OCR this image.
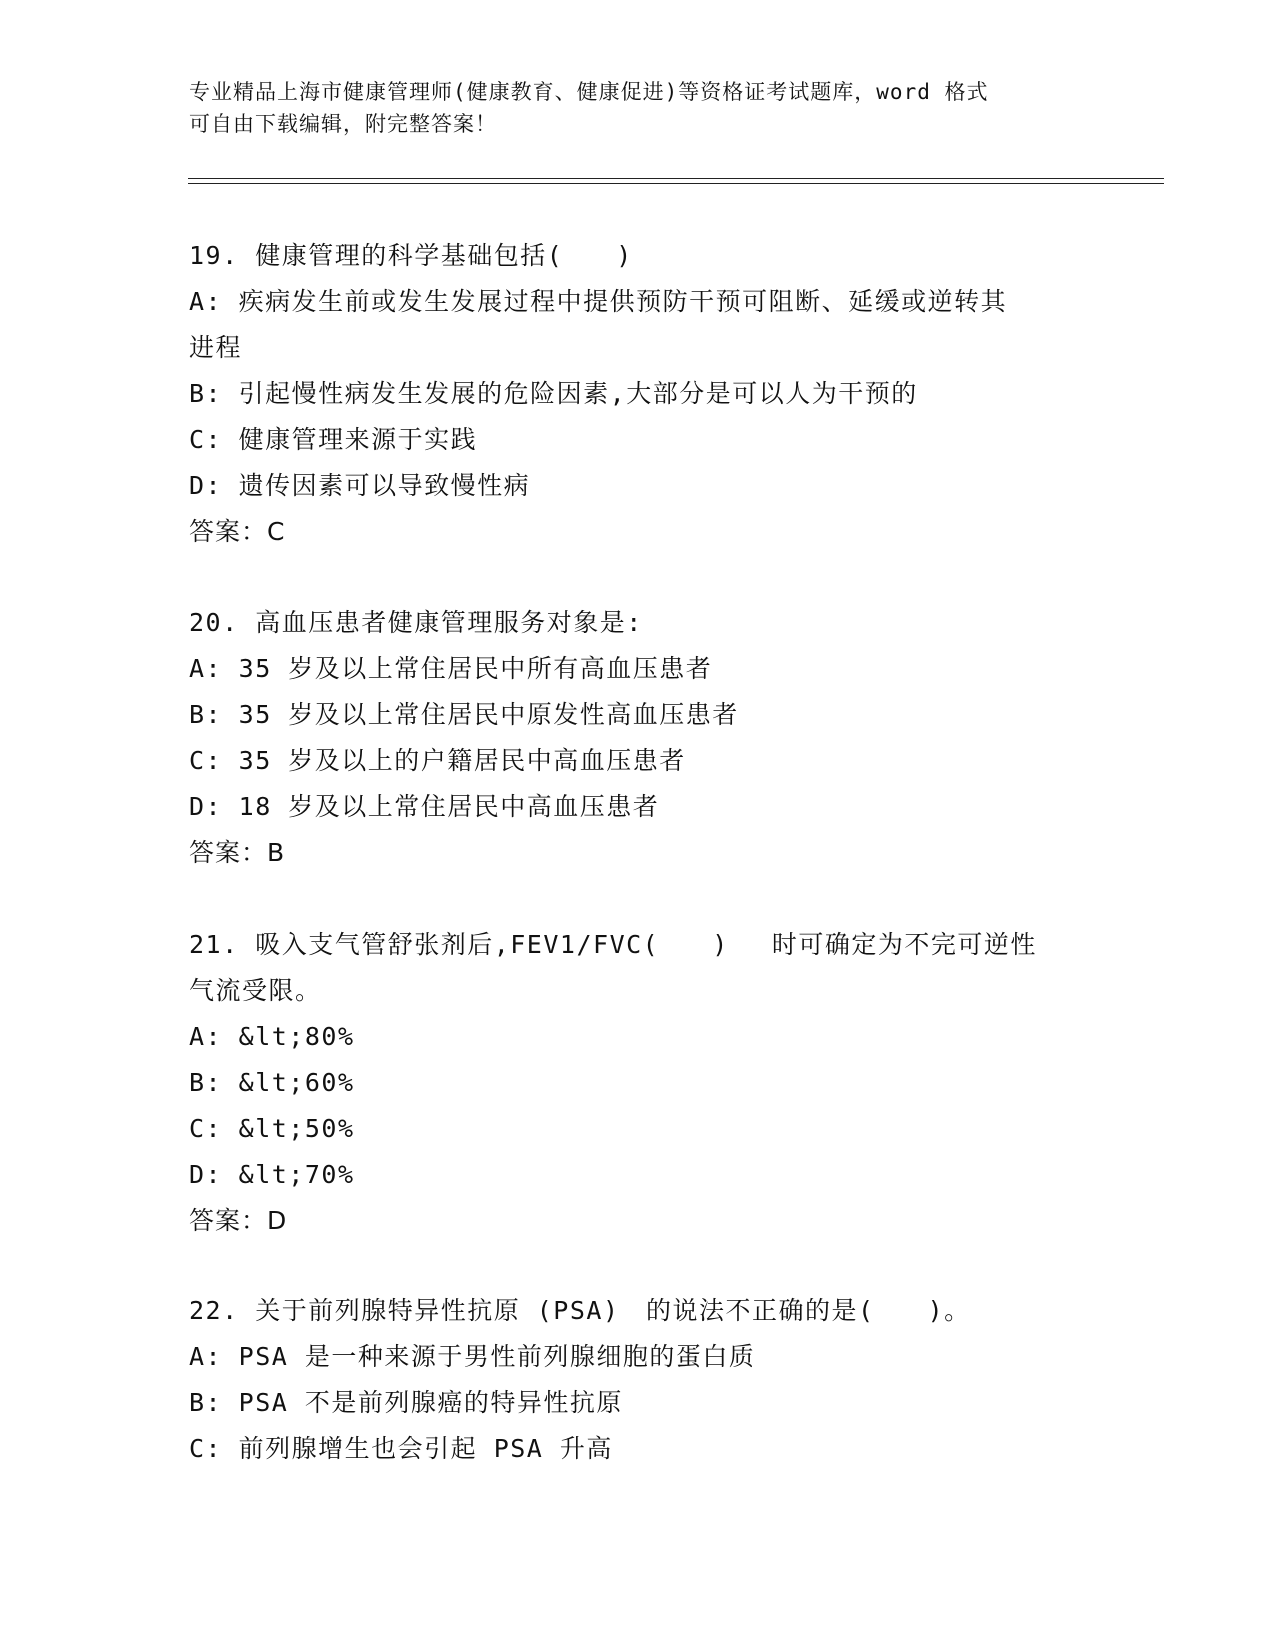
专业精品上海市健康管理师(健康教育、健康促进)等资格证考试题库，word 格式
可自由下载编辑，附完整答案！
19. 健康管理的科学基础包括(　　)
A: 疾病发生前或发生发展过程中提供预防干预可阻断、延缓或逆转其
进程
B: 引起慢性病发生发展的危险因素,大部分是可以人为干预的
C: 健康管理来源于实践
D: 遗传因素可以导致慢性病
答案：C
20. 高血压患者健康管理服务对象是:
A: 35 岁及以上常住居民中所有高血压患者
B: 35 岁及以上常住居民中原发性高血压患者
C: 35 岁及以上的户籍居民中高血压患者
D: 18 岁及以上常住居民中高血压患者
答案：B
21. 吸入支气管舒张剂后,FEV1/FVC(　　)　 时可确定为不完可逆性
气流受限。
A: &lt;80%
B: &lt;60%
C: &lt;50%
D: &lt;70%
答案：D
22. 关于前列腺特异性抗原 (PSA)　的说法不正确的是(　　)。
A: PSA 是一种来源于男性前列腺细胞的蛋白质
B: PSA 不是前列腺癌的特异性抗原
C: 前列腺增生也会引起 PSA 升高
